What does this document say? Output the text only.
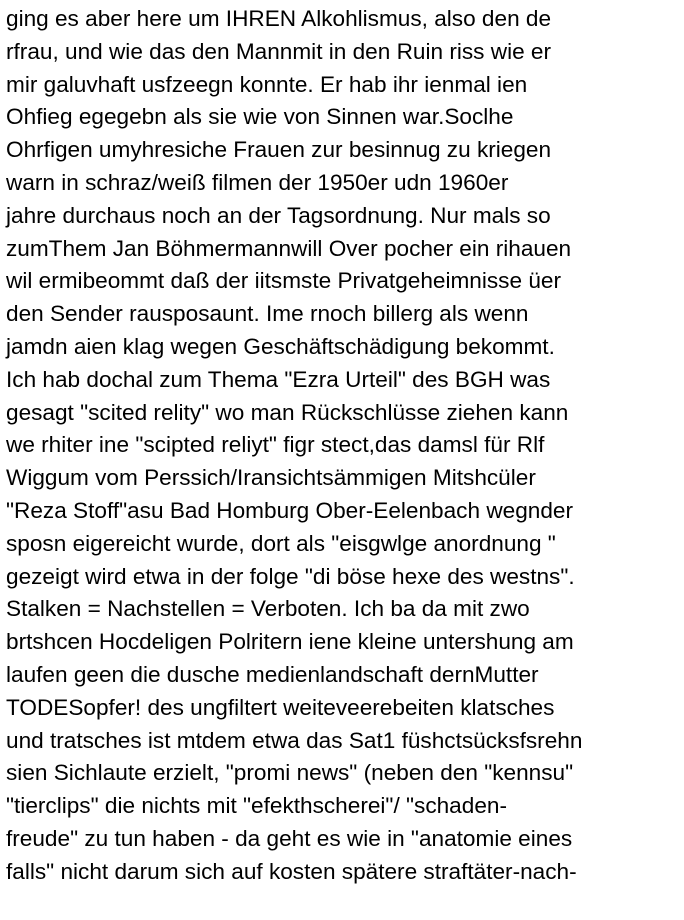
ging es aber here um IHREN Alkohlismus, also den de
rfrau, und wie das den Mannmit in den Ruin riss wie er
mir galuvhaft usfzeegn konnte. Er hab ihr ienmal ien
Ohfieg egegebn als sie wie von Sinnen war.Soclhe
Ohrfigen umyhresiche Frauen zur besinnug zu kriegen
warn in schraz/weiß filmen der 1950er udn 1960er
jahre durchaus noch an der Tagsordnung. Nur mals so
zumThem Jan Böhmermannwill Over pocher ein rihauen
wil ermibeommt daß der iitsmste Privatgeheimnisse üer
den Sender rausposaunt. Ime rnoch billerg als wenn
jamdn aien klag wegen Geschäftschädigung bekommt.
Ich hab dochal zum Thema "Ezra Urteil" des BGH was
gesagt "scited relity" wo man Rückschlüsse ziehen kann
we rhiter ine "scipted reliyt" figr stect,das damsl für Rlf
Wiggum vom Perssich/Iransichtsämmigen Mitshcüler
"Reza Stoff"asu Bad Homburg Ober-Eelenbach wegnder
sposn eigereicht wurde, dort als "eisgwlge anordnung "
gezeigt wird etwa in der folge "di böse hexe des westns".
Stalken = Nachstellen = Verboten. Ich ba da mit zwo
brtshcen Hocdeligen Polritern iene kleine untershung am
laufen geen die dusche medienlandschaft dernMutter
TODESopfer! des ungfiltert weiteveerebeiten klatsches
und tratsches ist mtdem etwa das Sat1 füshctsücksfsrehn
sien Sichlaute erzielt, "promi news" (neben den "kennsu"
"tierclips" die nichts mit "efekthscherei"/ "schaden-
freude" zu tun haben - da geht es wie in "anatomie eines
falls" nicht darum sich auf kosten spätere straftäter-nach-
